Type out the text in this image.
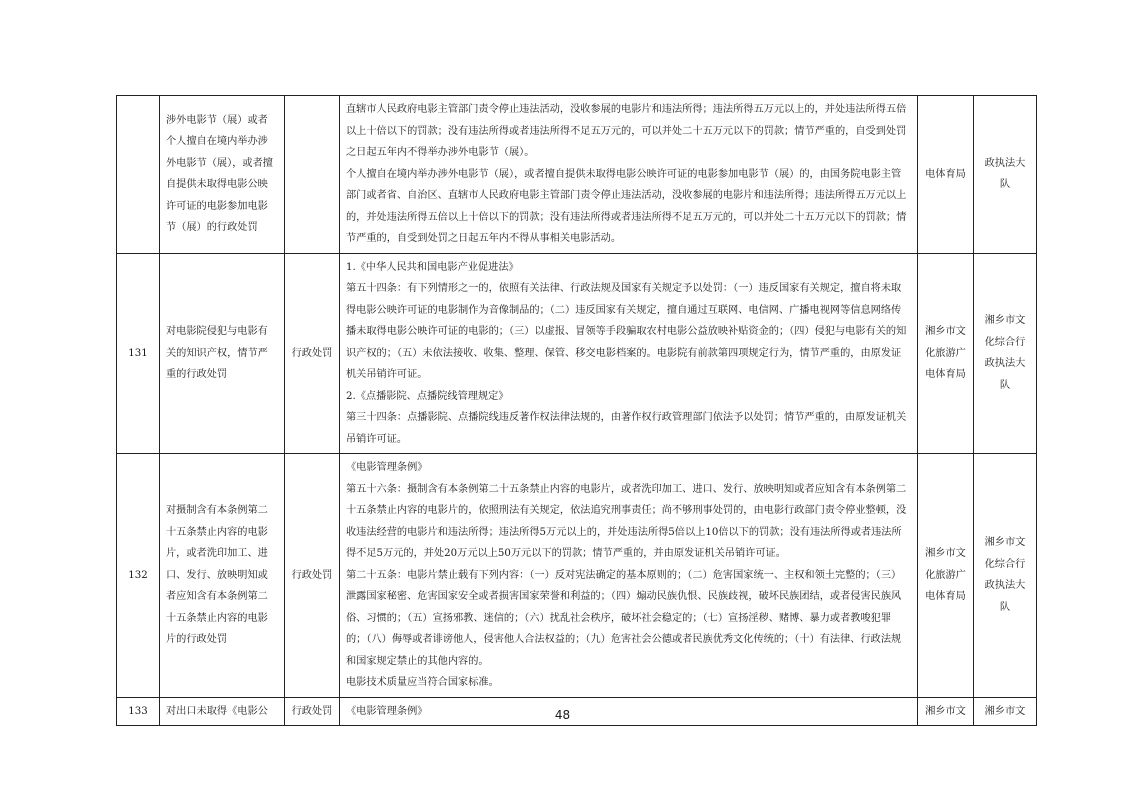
	涉外电影节（展）或者个人擅自在境内举办涉外电影节（展），或者擅自提供未取得电影公映许可证的电影参加电影节（展）的行政处罚		直辖市人民政府电影主管部门责令停止违法活动，没收参展的电影片和违法所得；违法所得五万元以上的，并处违法所得五倍以上十倍以下的罚款；没有违法所得或者违法所得不足五万元的，可以并处二十五万元以下的罚款；情节严重的，自受到处罚之日起五年内不得举办涉外电影节（展）。
个人擅自在境内举办涉外电影节（展），或者擅自提供未取得电影公映许可证的电影参加电影节（展）的，由国务院电影主管部门或者省、自治区、直辖市人民政府电影主管部门责令停止违法活动，没收参展的电影片和违法所得；违法所得五万元以上的，并处违法所得五倍以上十倍以下的罚款；没有违法所得或者违法所得不足五万元的，可以并处二十五万元以下的罚款；情节严重的，自受到处罚之日起五年内不得从事相关电影活动。	电体育局	政执法大队
131	对电影院侵犯与电影有关的知识产权，情节严重的行政处罚	行政处罚	1.《中华人民共和国电影产业促进法》
第五十四条：有下列情形之一的，依照有关法律、行政法规及国家有关规定予以处罚：（一）违反国家有关规定，擅自将未取得电影公映许可证的电影制作为音像制品的；（二）违反国家有关规定，擅自通过互联网、电信网、广播电视网等信息网络传播未取得电影公映许可证的电影的；（三）以虚报、冒领等手段骗取农村电影公益放映补贴资金的；（四）侵犯与电影有关的知识产权的；（五）未依法接收、收集、整理、保管、移交电影档案的。电影院有前款第四项规定行为，情节严重的，由原发证机关吊销许可证。
2.《点播影院、点播院线管理规定》
第三十四条：点播影院、点播院线违反著作权法律法规的，由著作权行政管理部门依法予以处罚；情节严重的，由原发证机关吊销许可证。	湘乡市文化旅游广电体育局	湘乡市文化综合行政执法大队
132	对摄制含有本条例第二十五条禁止内容的电影片，或者洗印加工、进口、发行、放映明知或者应知含有本条例第二十五条禁止内容的电影片的行政处罚	行政处罚	《电影管理条例》
第五十六条：摄制含有本条例第二十五条禁止内容的电影片，或者洗印加工、进口、发行、放映明知或者应知含有本条例第二十五条禁止内容的电影片的，依照刑法有关规定，依法追究刑事责任；尚不够刑事处罚的，由电影行政部门责令停业整顿，没收违法经营的电影片和违法所得；违法所得5万元以上的，并处违法所得5倍以上10倍以下的罚款；没有违法所得或者违法所得不足5万元的，并处20万元以上50万元以下的罚款；情节严重的，并由原发证机关吊销许可证。
第二十五条：电影片禁止载有下列内容：（一）反对宪法确定的基本原则的；（二）危害国家统一、主权和领土完整的；（三）泄露国家秘密、危害国家安全或者损害国家荣誉和利益的；（四）煽动民族仇恨、民族歧视，破坏民族团结，或者侵害民族风俗、习惯的；（五）宣扬邪教、迷信的；（六）扰乱社会秩序，破坏社会稳定的；（七）宣扬淫秽、赌博、暴力或者教唆犯罪的；（八）侮辱或者诽谤他人，侵害他人合法权益的；（九）危害社会公德或者民族优秀文化传统的；（十）有法律、行政法规和国家规定禁止的其他内容的。
电影技术质量应当符合国家标准。	湘乡市文化旅游广电体育局	湘乡市文化综合行政执法大队
133	对出口未取得《电影公	行政处罚	《电影管理条例》	湘乡市文	湘乡市文
48
